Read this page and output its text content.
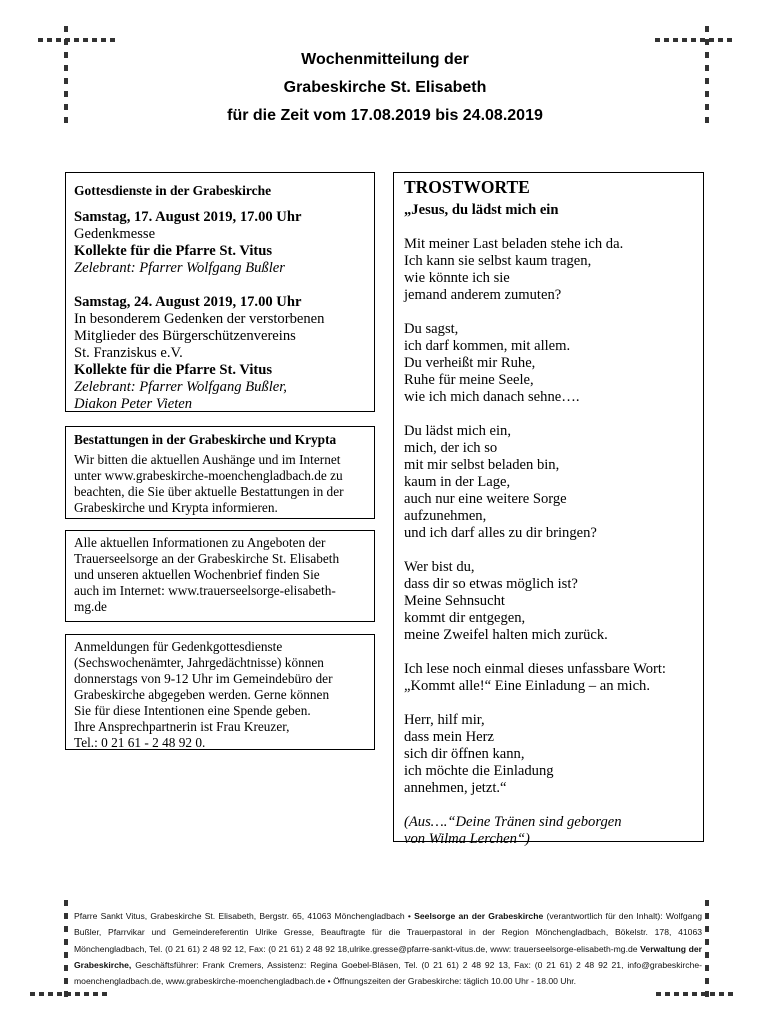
Wochenmitteilung der
Grabeskirche St. Elisabeth
für die Zeit vom 17.08.2019 bis 24.08.2019
Gottesdienste in der Grabeskirche
Samstag, 17. August 2019, 17.00 Uhr
Gedenkmesse
Kollekte für die Pfarre St. Vitus
Zelebrant: Pfarrer Wolfgang Bußler
Samstag, 24. August 2019, 17.00 Uhr
In besonderem Gedenken der verstorbenen
Mitglieder des Bürgerschützenvereins
St. Franziskus e.V.
Kollekte für die Pfarre St. Vitus
Zelebrant: Pfarrer Wolfgang Bußler,
Diakon Peter Vieten
Bestattungen in der Grabeskirche und Krypta
Wir bitten die aktuellen Aushänge und im Internet
unter www.grabeskirche-moenchengladbach.de zu
beachten, die Sie über aktuelle Bestattungen in der
Grabeskirche und Krypta informieren.
Alle aktuellen Informationen zu Angeboten der
Trauerseelsorge an der Grabeskirche St. Elisabeth
und unseren aktuellen Wochenbrief finden Sie
auch im Internet: www.trauerseelsorge-elisabeth-
mg.de
Anmeldungen für Gedenkgottesdienste
(Sechswochenämter, Jahrgedächtnisse) können
donnerstags von 9-12 Uhr im Gemeindebüro der
Grabeskirche abgegeben werden. Gerne können
Sie für diese Intentionen eine Spende geben.
Ihre Ansprechpartnerin ist Frau Kreuzer,
Tel.: 0 21 61 - 2 48 92 0.
TROSTWORTE
„Jesus, du lädst mich ein
Mit meiner Last beladen stehe ich da.
Ich kann sie selbst kaum tragen,
wie könnte ich sie
jemand anderem zumuten?
Du sagst,
ich darf kommen, mit allem.
Du verheißt mir Ruhe,
Ruhe für meine Seele,
wie ich mich danach sehne….
Du lädst mich ein,
mich, der ich so
mit mir selbst beladen bin,
kaum in der Lage,
auch nur eine weitere Sorge
aufzunehmen,
und ich darf alles zu dir bringen?
Wer bist du,
dass dir so etwas möglich ist?
Meine Sehnsucht
kommt dir entgegen,
meine Zweifel halten mich zurück.
Ich lese noch einmal dieses unfassbare Wort:
„Kommt alle!“ Eine Einladung – an mich.
Herr, hilf mir,
dass mein Herz
sich dir öffnen kann,
ich möchte die Einladung
annehmen, jetzt.“
(Aus….“Deine Tränen sind geborgen
von Wilma Lerchen“)
Pfarre Sankt Vitus, Grabeskirche St. Elisabeth, Bergstr. 65, 41063 Mönchengladbach • Seelsorge an der Grabeskirche (verantwortlich für den Inhalt): Wolfgang Bußler, Pfarrvikar und Gemeindereferentin Ulrike Gresse, Beauftragte für die Trauerpastoral in der Region Mönchengladbach, Bökelstr. 178, 41063 Mönchengladbach, Tel. (0 21 61) 2 48 92 12, Fax: (0 21 61) 2 48 92 18,ulrike.gresse@pfarre-sankt-vitus.de, www: trauerseelsorge-elisabeth-mg.de Verwaltung der Grabeskirche, Geschäftsführer: Frank Cremers, Assistenz: Regina Goebel-Bläsen, Tel. (0 21 61) 2 48 92 13, Fax: (0 21 61) 2 48 92 21, info@grabeskirche-moenchengladbach.de, www.grabeskirche-moenchengladbach.de • Öffnungszeiten der Grabeskirche: täglich 10.00 Uhr - 18.00 Uhr.
